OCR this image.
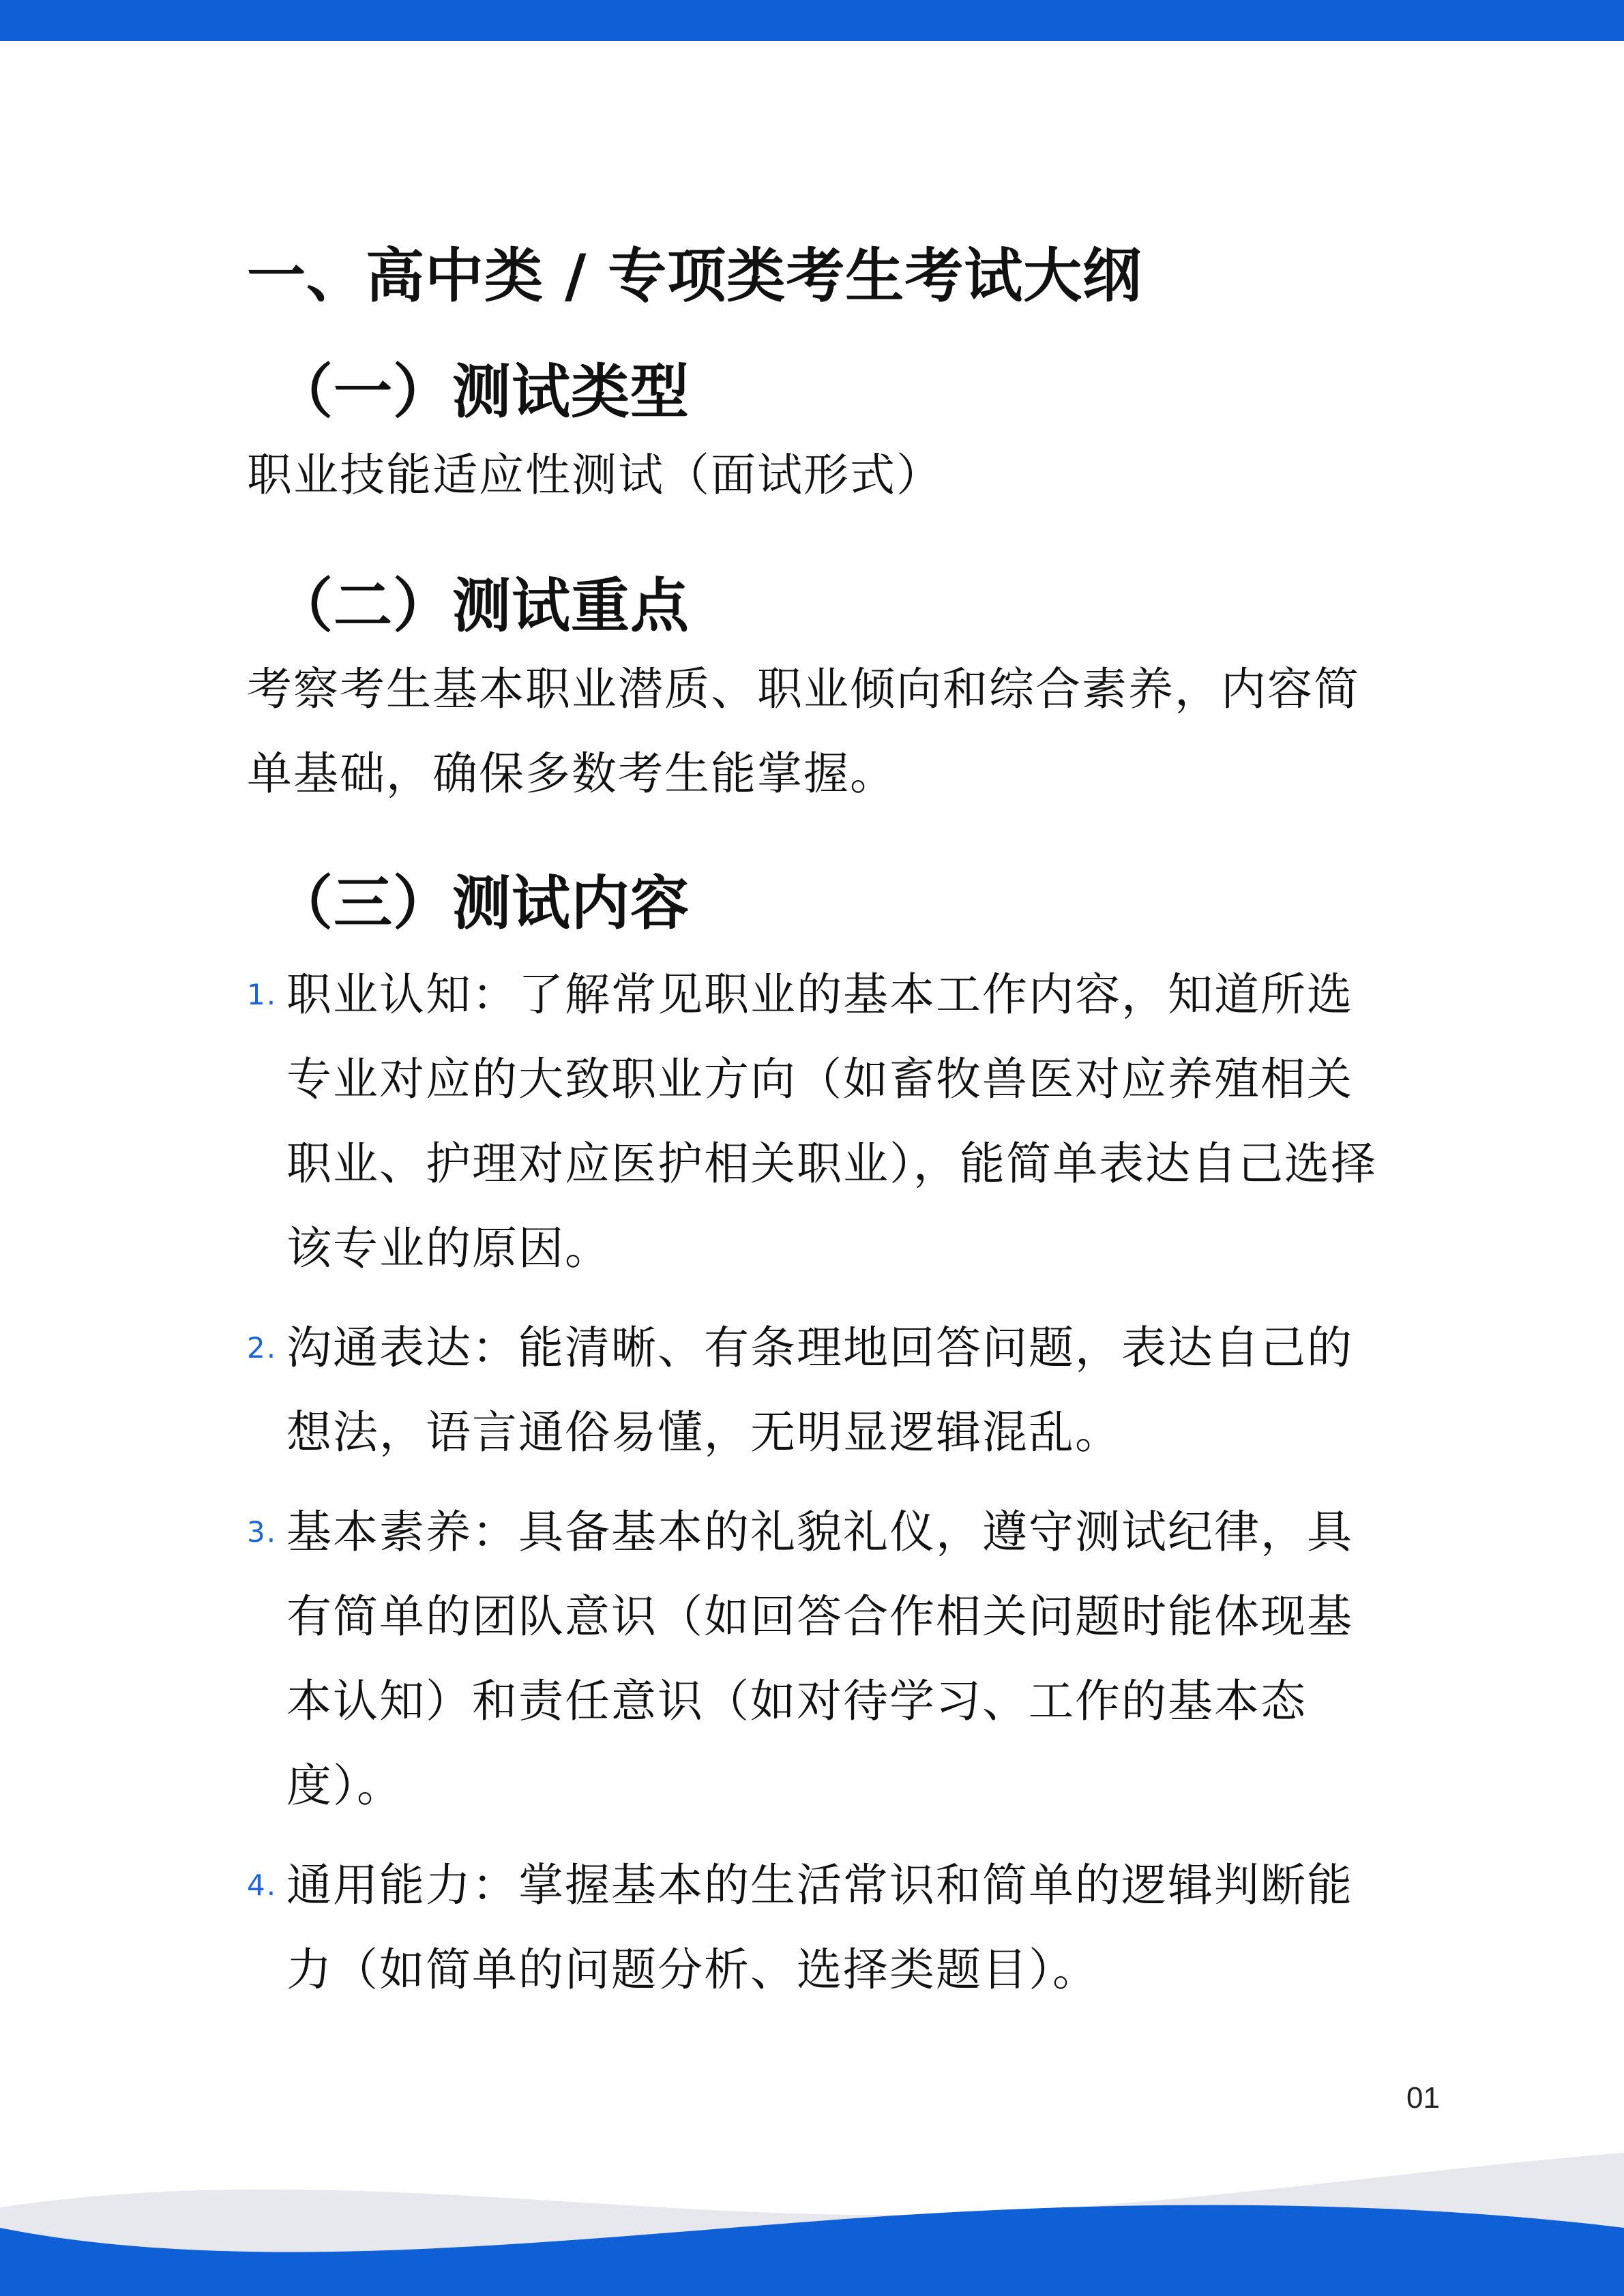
一、高中类 / 专项类考生考试大纲
（一）测试类型

职业技能适应性测试（面试形式）

（二）测试重点

考察考生基本职业潜质、职业倾向和综合素养，内容简单基础，确保多数考生能掌握。

（三）测试内容
1. 职业认知：了解常见职业的基本工作内容，知道所选专业对应的大致职业方向（如畜牧兽医对应养殖相关职业、护理对应医护相关职业），能简单表达自己选择该专业的原因。
2. 沟通表达：能清晰、有条理地回答问题，表达自己的想法，语言通俗易懂，无明显逻辑混乱。
3. 基本素养：具备基本的礼貌礼仪，遵守测试纪律，具有简单的团队意识（如回答合作相关问题时能体现基本认知）和责任意识（如对待学习、工作的基本态度）。
4. 通用能力：掌握基本的生活常识和简单的逻辑判断能力（如简单的问题分析、选择类题目）。
01
